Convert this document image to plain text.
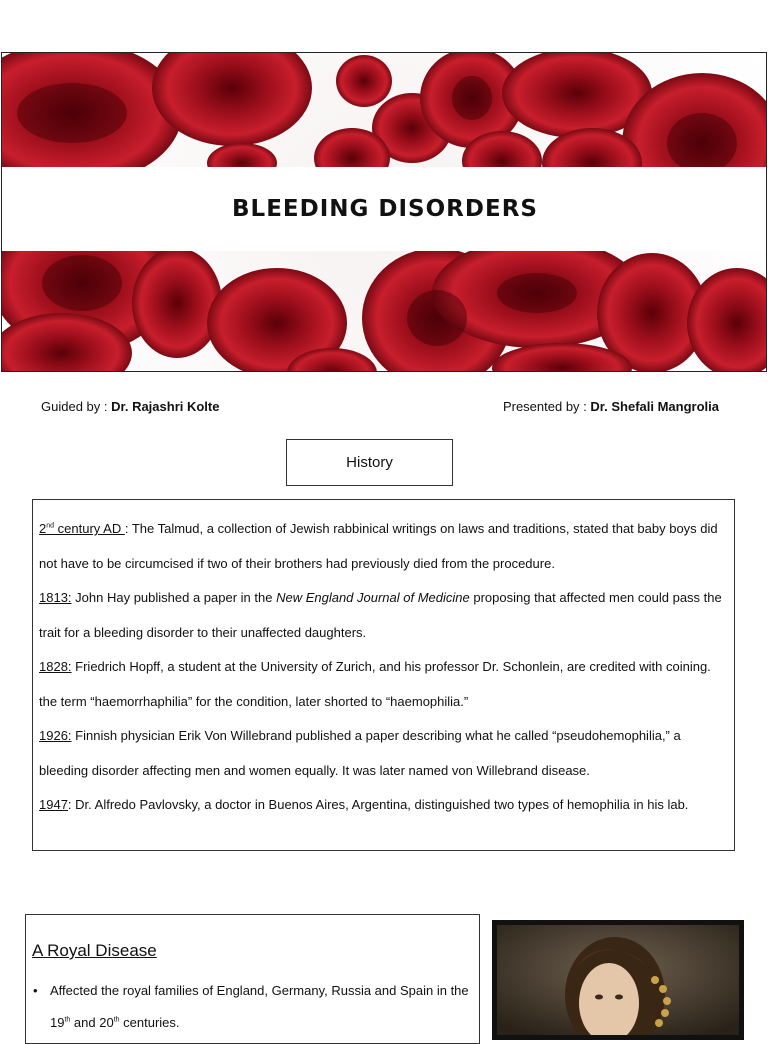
BLEEDING DISORDERS
Guided by : Dr. Rajashri Kolte	Presented by : Dr. Shefali Mangrolia
History

2nd century AD : The Talmud, a collection of Jewish rabbinical writings on laws and traditions, stated that baby boys did not have to be circumcised if two of their brothers had previously died from the procedure.

1813: John Hay published a paper in the New England Journal of Medicine proposing that affected men could pass the trait for a bleeding disorder to their unaffected daughters.

1828: Friedrich Hopff, a student at the University of Zurich, and his professor Dr. Schonlein, are credited with coining. the term “haemorrhaphilia” for the condition, later shorted to “haemophilia.”

1926: Finnish physician Erik Von Willebrand published a paper describing what he called “pseudohemophilia,” a bleeding disorder affecting men and women equally. It was later named von Willebrand disease.

1947: Dr. Alfredo Pavlovsky, a doctor in Buenos Aires, Argentina, distinguished two types of hemophilia in his lab.

A Royal Disease
• Affected the royal families of England, Germany, Russia and Spain in the
19th and 20th centuries.
